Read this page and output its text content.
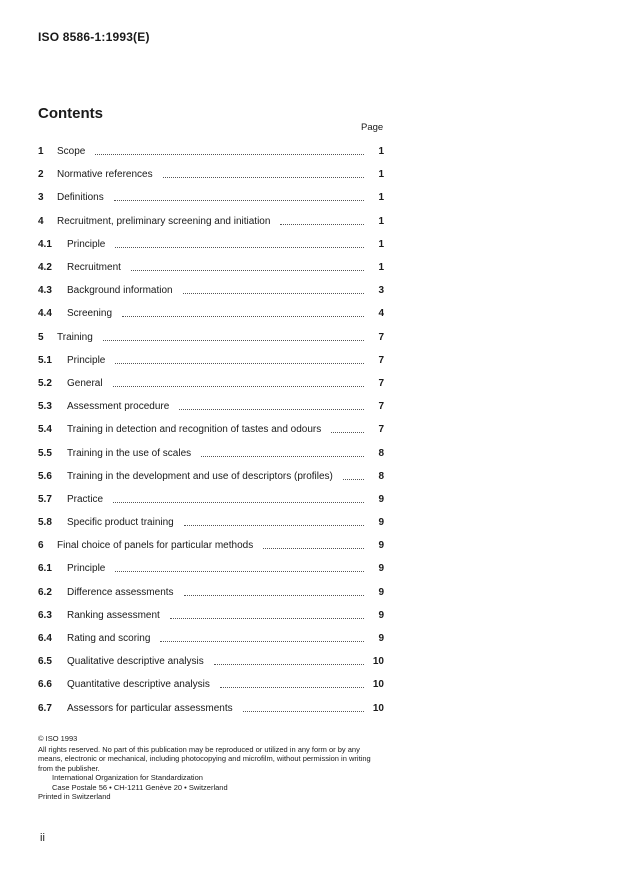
ISO 8586-1:1993(E)
Contents
Page
1	Scope	1
2	Normative references	1
3	Definitions	1
4	Recruitment, preliminary screening and initiation	1
4.1	Principle	1
4.2	Recruitment	1
4.3	Background information	3
4.4	Screening	4
5	Training	7
5.1	Principle	7
5.2	General	7
5.3	Assessment procedure	7
5.4	Training in detection and recognition of tastes and odours	7
5.5	Training in the use of scales	8
5.6	Training in the development and use of descriptors (profiles)	8
5.7	Practice	9
5.8	Specific product training	9
6	Final choice of panels for particular methods	9
6.1	Principle	9
6.2	Difference assessments	9
6.3	Ranking assessment	9
6.4	Rating and scoring	9
6.5	Qualitative descriptive analysis	10
6.6	Quantitative descriptive analysis	10
6.7	Assessors for particular assessments	10
© ISO 1993
All rights reserved. No part of this publication may be reproduced or utilized in any form or by any means, electronic or mechanical, including photocopying and microfilm, without permission in writing from the publisher.
International Organization for Standardization
Case Postale 56 • CH-1211 Genève 20 • Switzerland
Printed in Switzerland
ii
